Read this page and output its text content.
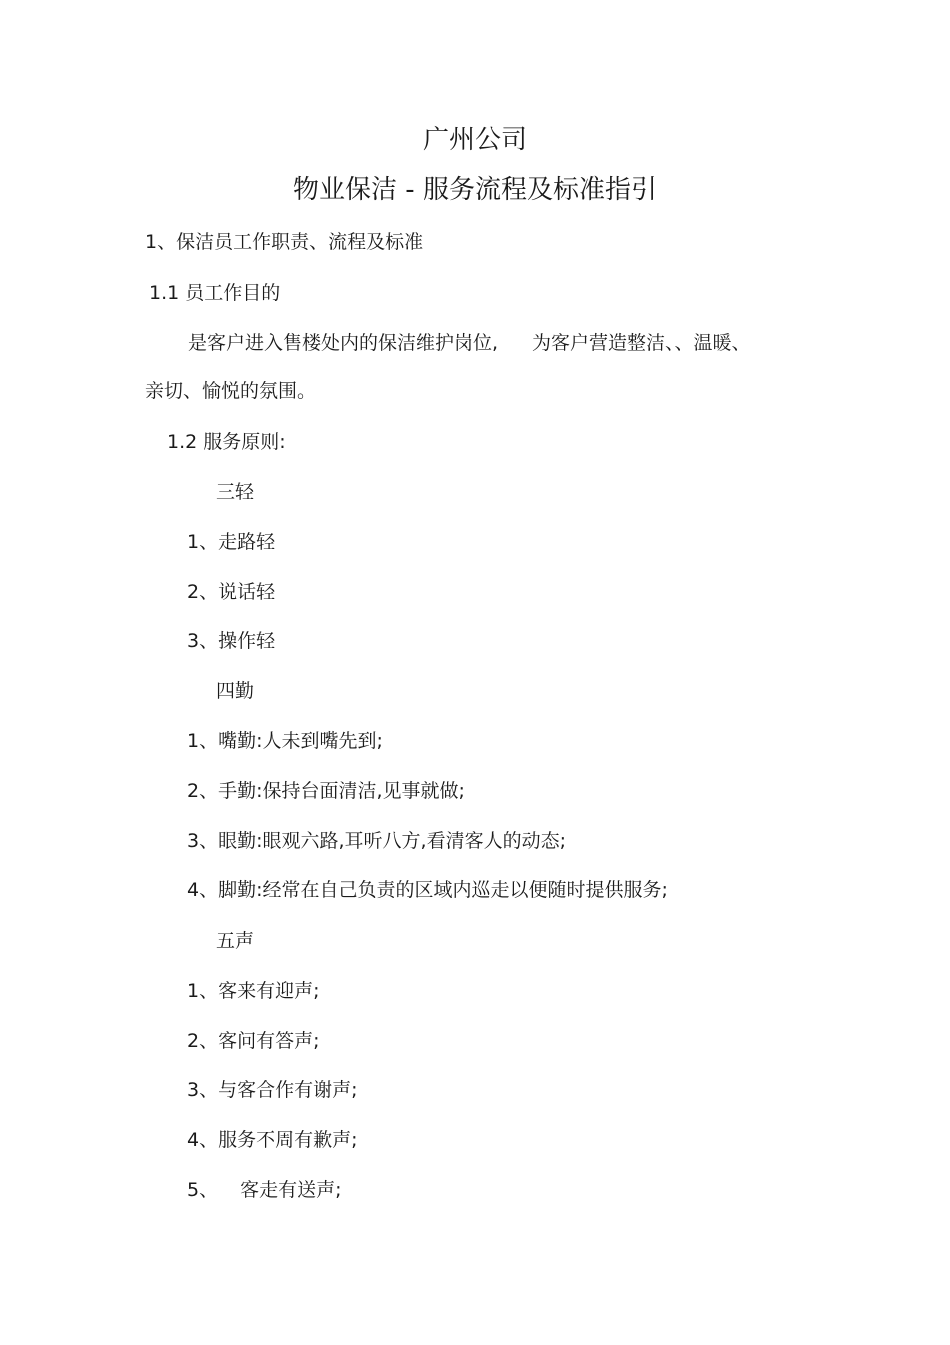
广州公司
物业保洁 - 服务流程及标准指引
1、保洁员工作职责、流程及标准
1.1 员工作目的
是客户进入售楼处内的保洁维护岗位, 为客户营造整洁、、温暖、
亲切、愉悦的氛围。
1.2 服务原则:
三轻
1、走路轻
2、说话轻
3、操作轻
四勤
1、嘴勤:人未到嘴先到;
2、手勤:保持台面清洁,见事就做;
3、眼勤:眼观六路,耳听八方,看清客人的动态;
4、脚勤:经常在自己负责的区域内巡走以便随时提供服务;
五声
1、客来有迎声;
2、客问有答声;
3、与客合作有谢声;
4、服务不周有歉声;
5、 客走有送声;
